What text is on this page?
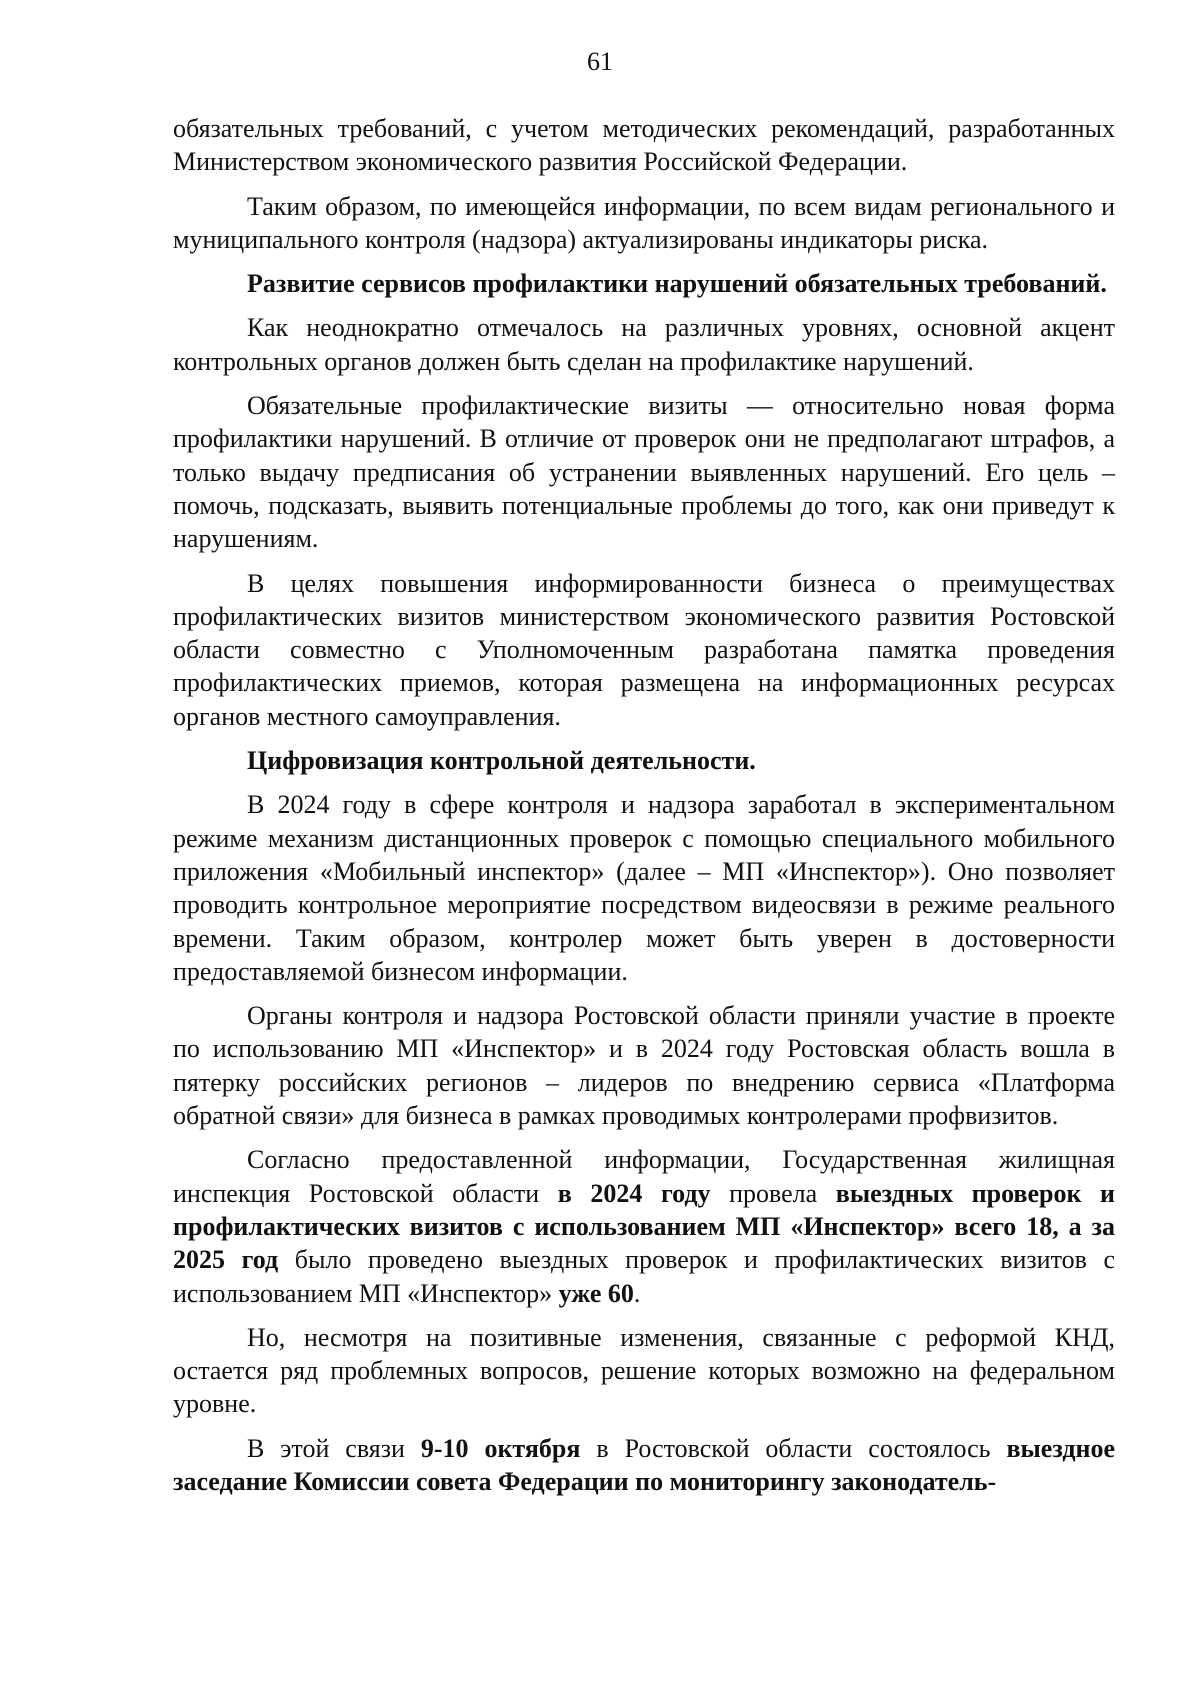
61

обязательных требований, с учетом методических рекомендаций, разработанных Министерством экономического развития Российской Федерации.

Таким образом, по имеющейся информации, по всем видам регионального и муниципального контроля (надзора) актуализированы индикаторы риска.

Развитие сервисов профилактики нарушений обязательных требований.

Как неоднократно отмечалось на различных уровнях, основной акцент контрольных органов должен быть сделан на профилактике нарушений.

Обязательные профилактические визиты — относительно новая форма профилактики нарушений. В отличие от проверок они не предполагают штрафов, а только выдачу предписания об устранении выявленных нарушений. Его цель – помочь, подсказать, выявить потенциальные проблемы до того, как они приведут к нарушениям.

В целях повышения информированности бизнеса о преимуществах профилактических визитов министерством экономического развития Ростовской области совместно с Уполномоченным разработана памятка проведения профилактических приемов, которая размещена на информационных ресурсах органов местного самоуправления.

Цифровизация контрольной деятельности.

В 2024 году в сфере контроля и надзора заработал в экспериментальном режиме механизм дистанционных проверок с помощью специального мобильного приложения «Мобильный инспектор» (далее – МП «Инспектор»). Оно позволяет проводить контрольное мероприятие посредством видеосвязи в режиме реального времени. Таким образом, контролер может быть уверен в достоверности предоставляемой бизнесом информации.

Органы контроля и надзора Ростовской области приняли участие в проекте по использованию МП «Инспектор» и в 2024 году Ростовская область вошла в пятерку российских регионов – лидеров по внедрению сервиса «Платформа обратной связи» для бизнеса в рамках проводимых контролерами профвизитов.

Согласно предоставленной информации, Государственная жилищная инспекция Ростовской области в 2024 году провела выездных проверок и профилактических визитов с использованием МП «Инспектор» всего 18, а за 2025 год было проведено выездных проверок и профилактических визитов с использованием МП «Инспектор» уже 60.

Но, несмотря на позитивные изменения, связанные с реформой КНД, остается ряд проблемных вопросов, решение которых возможно на федеральном уровне.

В этой связи 9-10 октября в Ростовской области состоялось выездное заседание Комиссии совета Федерации по мониторингу законодатель-
